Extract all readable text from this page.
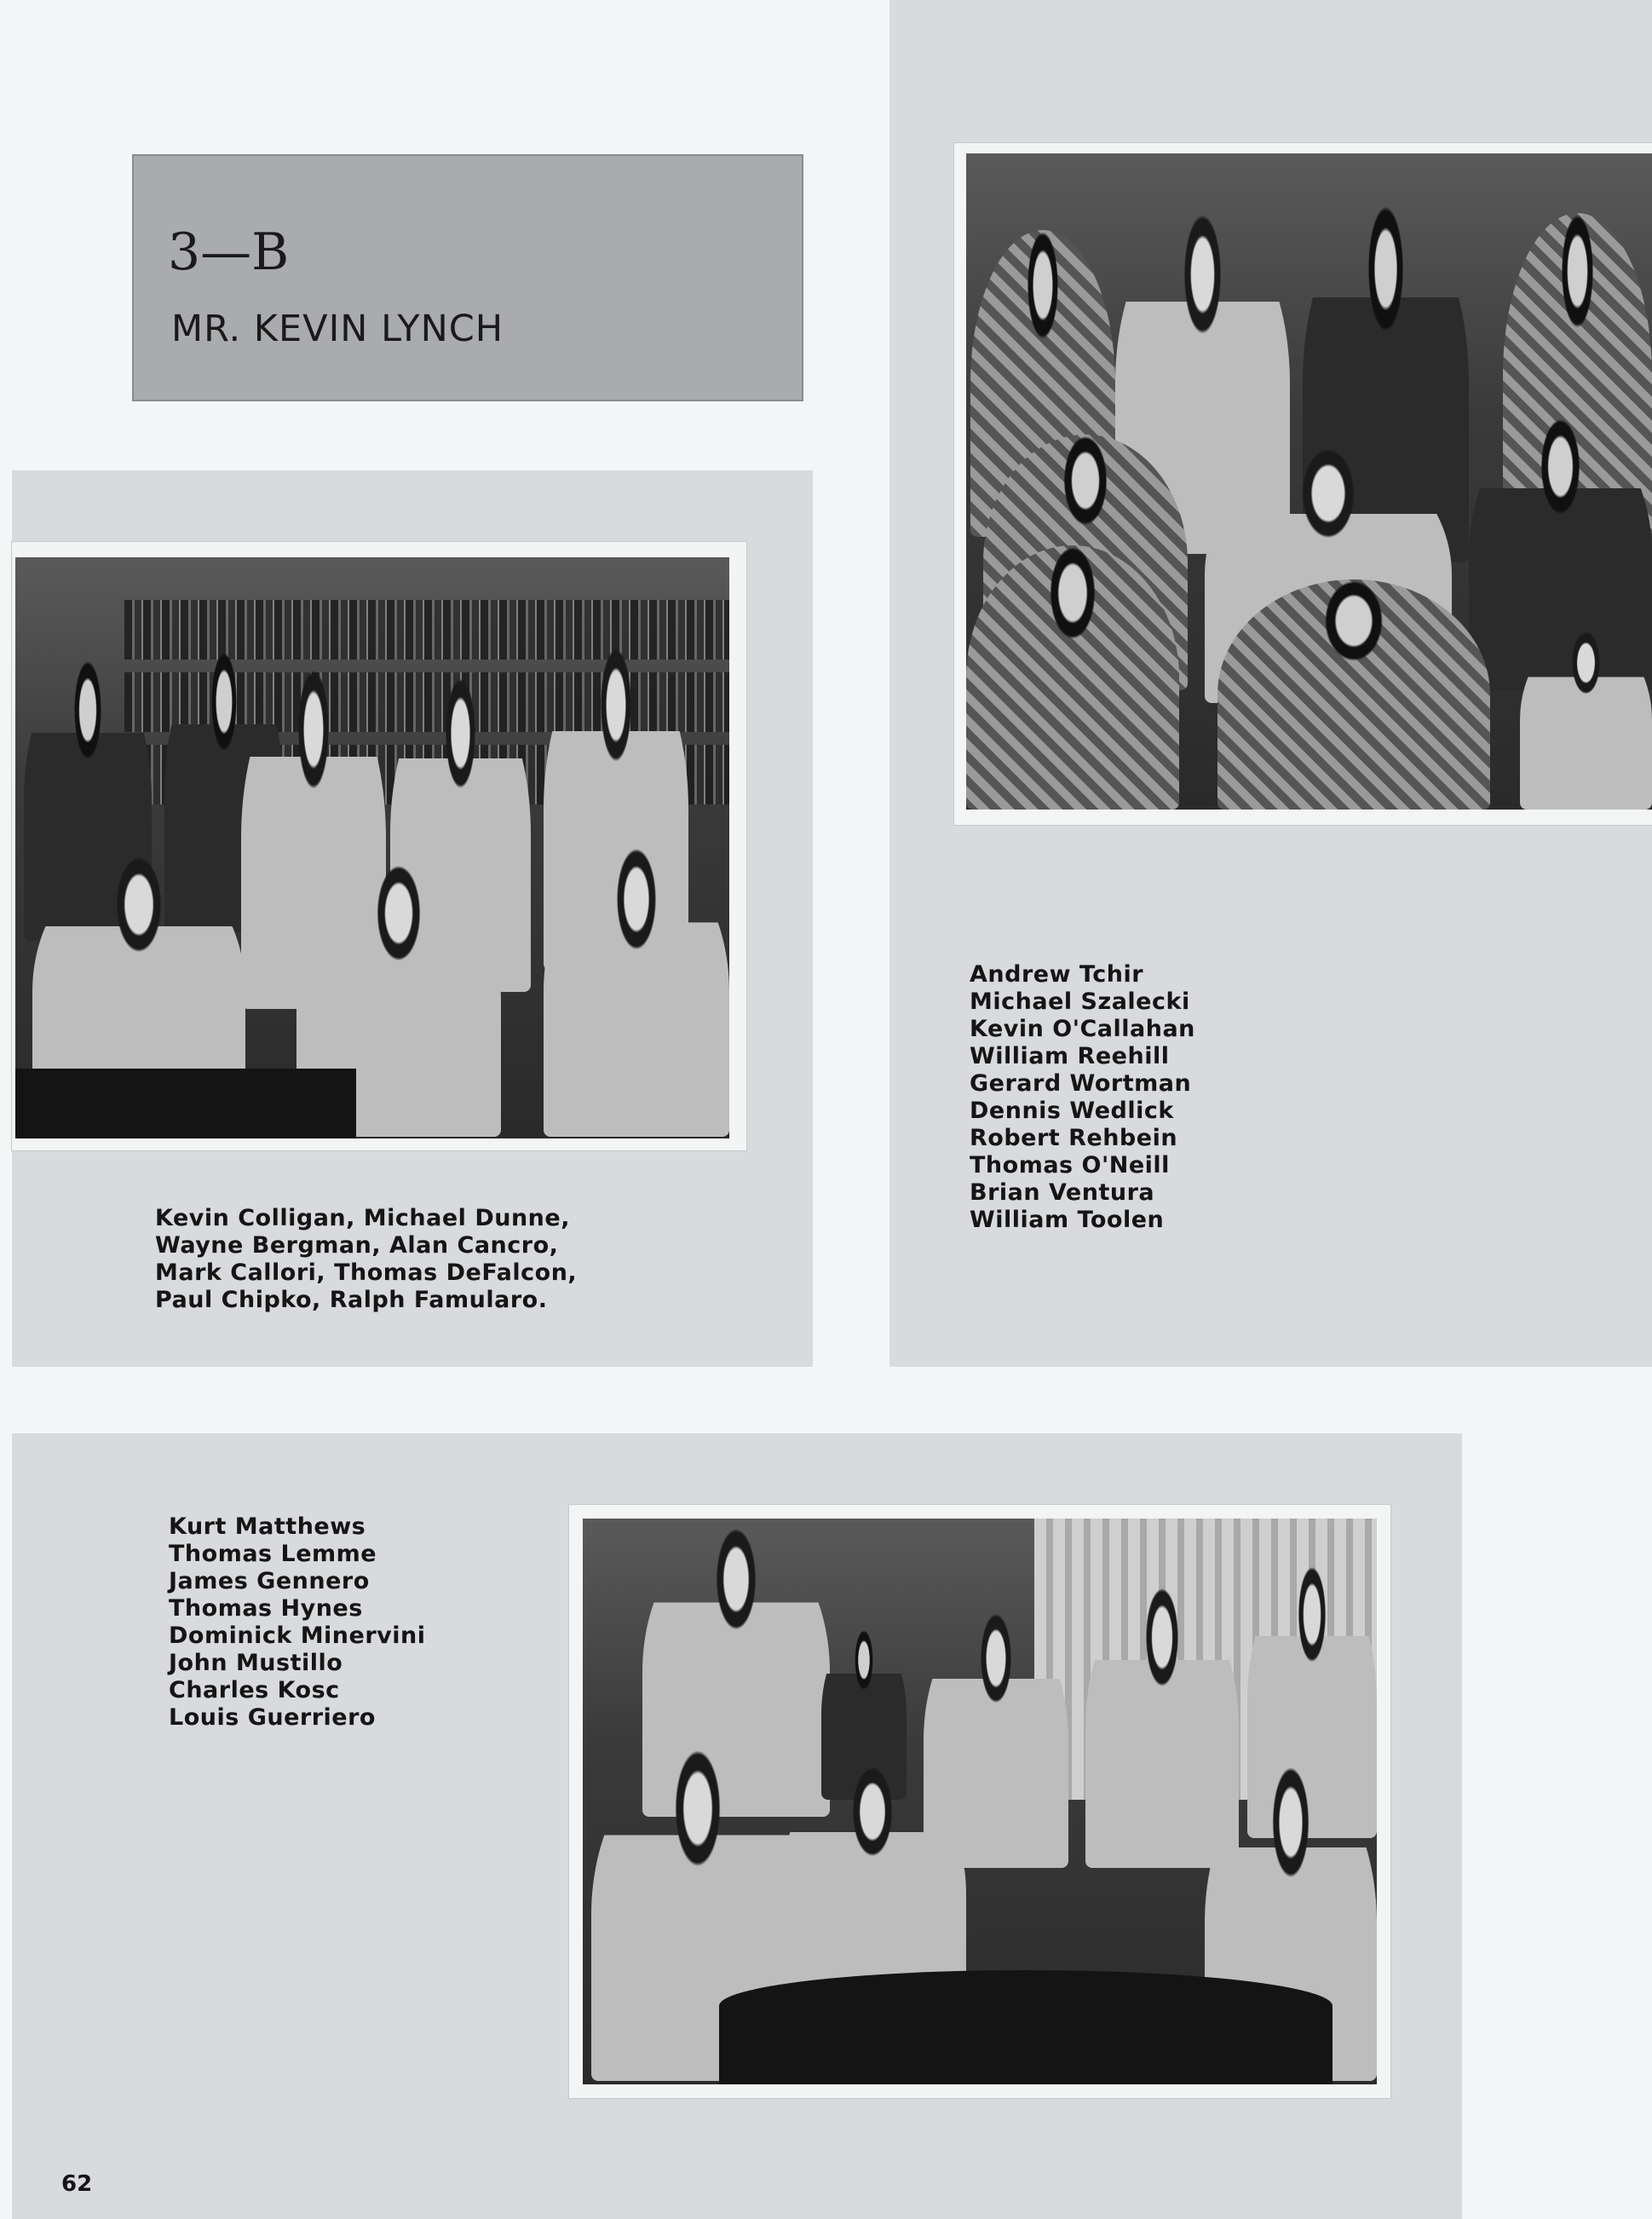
3—B
MR. KEVIN LYNCH
Kevin Colligan, Michael Dunne,
Wayne Bergman, Alan Cancro,
Mark Callori, Thomas DeFalcon,
Paul Chipko, Ralph Famularo.
Andrew Tchir
Michael Szalecki
Kevin O'Callahan
William Reehill
Gerard Wortman
Dennis Wedlick
Robert Rehbein
Thomas O'Neill
Brian Ventura
William Toolen
Kurt Matthews
Thomas Lemme
James Gennero
Thomas Hynes
Dominick Minervini
John Mustillo
Charles Kosc
Louis Guerriero
62
